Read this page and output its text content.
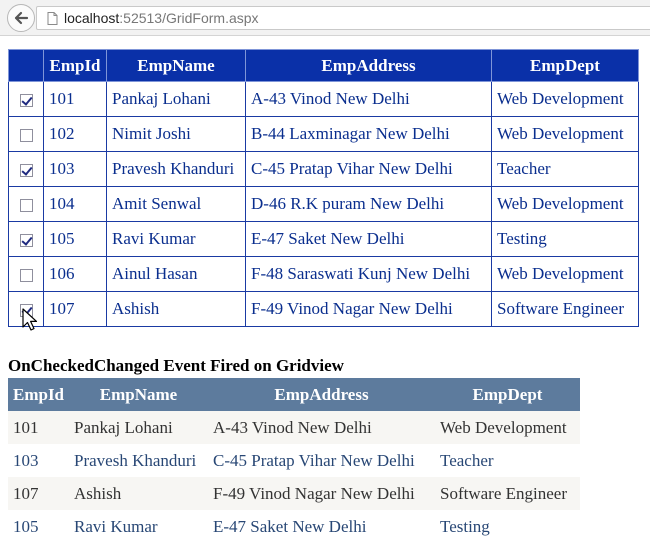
localhost:52513/GridForm.aspx
	EmpId	EmpName	EmpAddress	EmpDept
	101	Pankaj Lohani	A-43 Vinod New Delhi	Web Development
	102	Nimit Joshi	B-44 Laxminagar New Delhi	Web Development
	103	Pravesh Khanduri	C-45 Pratap Vihar New Delhi	Teacher
	104	Amit Senwal	D-46 R.K puram New Delhi	Web Development
	105	Ravi Kumar	E-47 Saket New Delhi	Testing
	106	Ainul Hasan	F-48 Saraswati Kunj New Delhi	Web Development
	107	Ashish	F-49 Vinod Nagar New Delhi	Software Engineer
OnCheckedChanged Event Fired on Gridview
EmpId	EmpName	EmpAddress	EmpDept
101	Pankaj Lohani	A-43 Vinod New Delhi	Web Development
103	Pravesh Khanduri	C-45 Pratap Vihar New Delhi	Teacher
107	Ashish	F-49 Vinod Nagar New Delhi	Software Engineer
105	Ravi Kumar	E-47 Saket New Delhi	Testing
